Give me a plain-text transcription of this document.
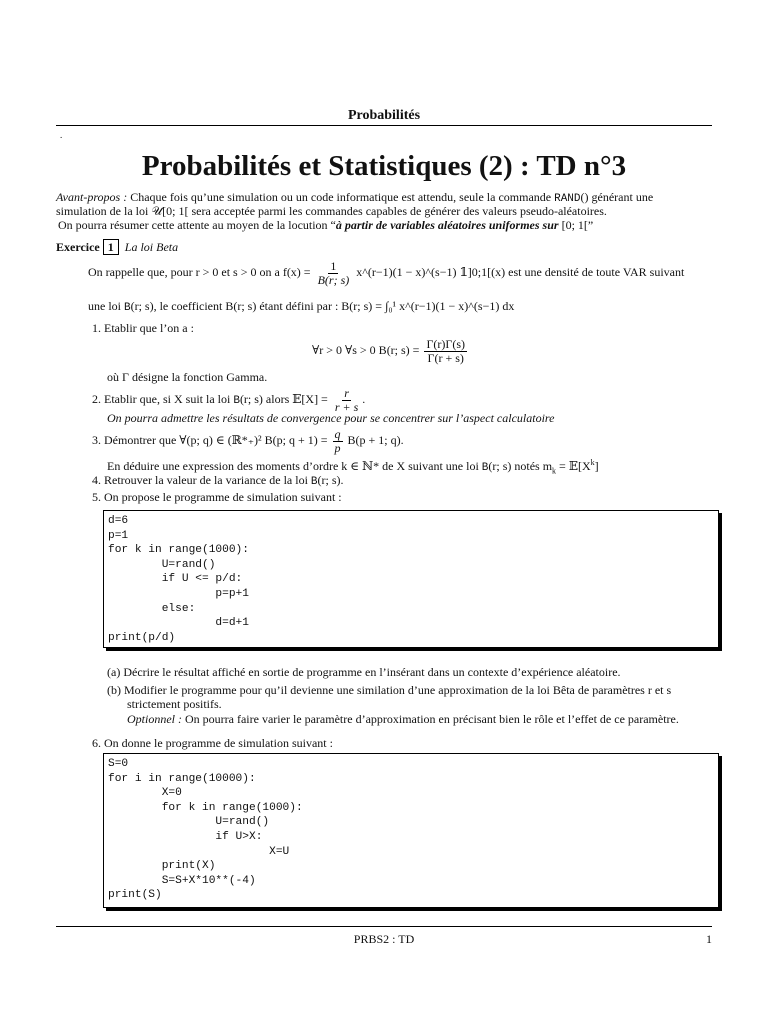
Probabilités
.
Probabilités et Statistiques (2) : TD n°3
Avant-propos : Chaque fois qu’une simulation ou un code informatique est attendu, seule la commande RAND() générant une
simulation de la loi 𝒰[0; 1[ sera acceptée parmi les commandes capables de générer des valeurs pseudo-aléatoires.
On pourra résumer cette attente au moyen de la locution “à partir de variables aléatoires uniformes sur [0; 1[”
Exercice 1 La loi Beta
On rappelle que, pour r > 0 et s > 0 on a $f(x) = \frac{1}{B(r; s)}$ x^(r−1)(1 − x)^(s−1) 𝟙]0;1[(x) est une densité de toute VAR suivant
une loi B(r; s), le coefficient B(r; s) étant défini par : B(r; s) = ∫₀¹ x^(r−1)(1 − x)^(s−1) dx
1. Etablir que l’on a :
∀r > 0 ∀s > 0 B(r; $s) = \frac{\Gamma(r)\Gamma(s)}{\Gamma(r + s)}$
où Γ désigne la fonction Gamma.
2. Etablir que, si X suit la loi B(r; s) alors 𝔼[X] = $\frac{r}{r + s}$ .
On pourra admettre les résultats de convergence pour se concentrer sur l’aspect calculatoire
3. Démontrer que ∀(p; q) ∈ (ℝ*₊)² B(p; $q + 1) = \frac{q}{p} B(p + 1$; q).
En déduire une expression des moments d’ordre k ∈ ℕ* de X suivant une loi B(r; s) notés $m_k$ = $𝔼[X^k]$
4. Retrouver la valeur de la variance de la loi B(r; s).
5. On propose le programme de simulation suivant :
d=6
p=1
for k in range(1000):
U=rand()
if U <= p/d:
p=p+1
else:
d=d+1
print(p/d)
(a) Décrire le résultat affiché en sortie de programme en l’insérant dans un contexte d’expérience aléatoire.
(b) Modifier le programme pour qu’il devienne une similation d’une approximation de la loi Bêta de paramètres r et s
strictement positifs.
Optionnel : On pourra faire varier le paramètre d’approximation en précisant bien le rôle et l’effet de ce paramètre.
6. On donne le programme de simulation suivant :
S=0
for i in range(10000):
X=0
for k in range(1000):
U=rand()
if U>X:
X=U
print(X)
S=S+X*10**(-4)
print(S)
PRBS2 : TD	1
